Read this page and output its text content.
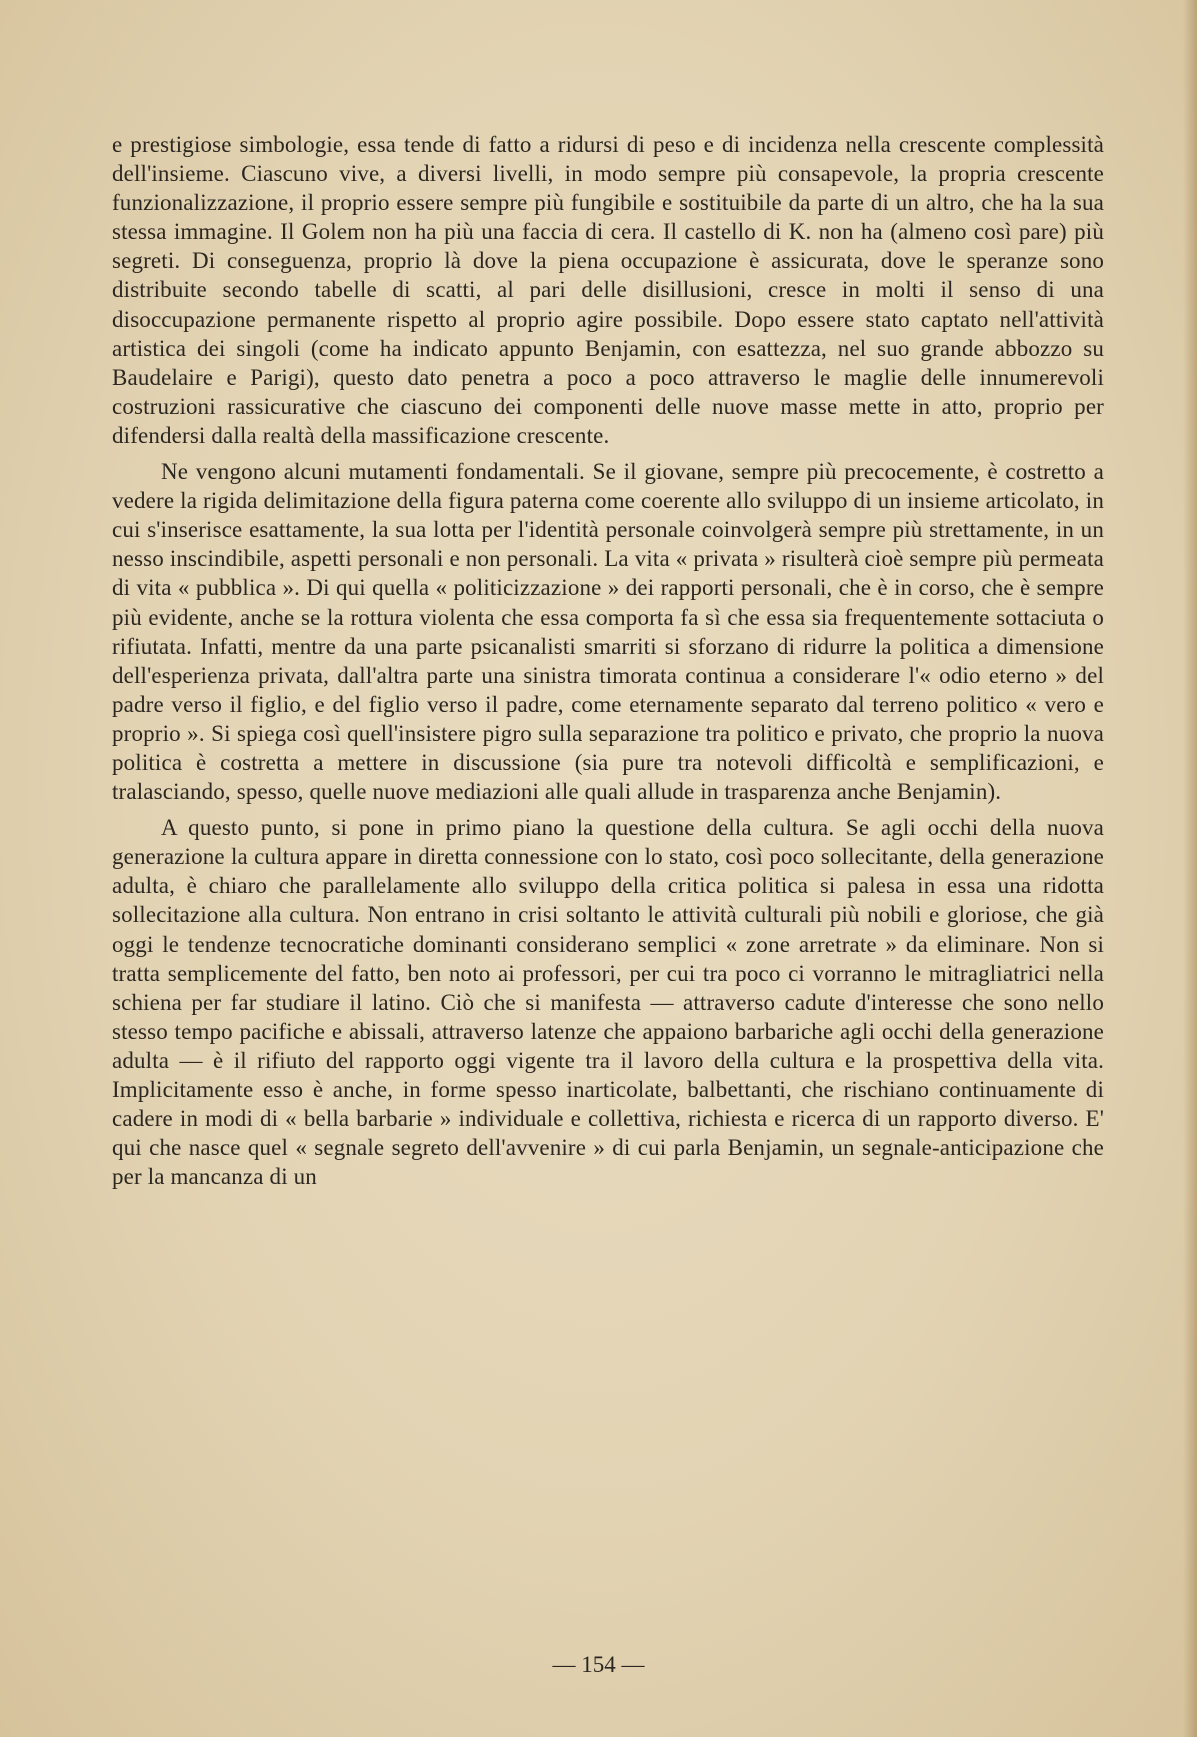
e prestigiose simbologie, essa tende di fatto a ridursi di peso e di incidenza nella crescente complessità dell'insieme. Ciascuno vive, a diversi livelli, in modo sempre più consapevole, la propria crescente funzionalizzazione, il proprio essere sempre più fungibile e sostituibile da parte di un altro, che ha la sua stessa immagine. Il Golem non ha più una faccia di cera. Il castello di K. non ha (almeno così pare) più segreti. Di conseguenza, proprio là dove la piena occupazione è assicurata, dove le speranze sono distribuite secondo tabelle di scatti, al pari delle disillusioni, cresce in molti il senso di una disoccupazione permanente rispetto al proprio agire possibile. Dopo essere stato captato nell'attività artistica dei singoli (come ha indicato appunto Benjamin, con esattezza, nel suo grande abbozzo su Baudelaire e Parigi), questo dato penetra a poco a poco attraverso le maglie delle innumerevoli costruzioni rassicurative che ciascuno dei componenti delle nuove masse mette in atto, proprio per difendersi dalla realtà della massificazione crescente.

Ne vengono alcuni mutamenti fondamentali. Se il giovane, sempre più precocemente, è costretto a vedere la rigida delimitazione della figura paterna come coerente allo sviluppo di un insieme articolato, in cui s'inserisce esattamente, la sua lotta per l'identità personale coinvolgerà sempre più strettamente, in un nesso inscindibile, aspetti personali e non personali. La vita « privata » risulterà cioè sempre più permeata di vita « pubblica ». Di qui quella « politicizzazione » dei rapporti personali, che è in corso, che è sempre più evidente, anche se la rottura violenta che essa comporta fa sì che essa sia frequentemente sottaciuta o rifiutata. Infatti, mentre da una parte psicanalisti smarriti si sforzano di ridurre la politica a dimensione dell'esperienza privata, dall'altra parte una sinistra timorata continua a considerare l'« odio eterno » del padre verso il figlio, e del figlio verso il padre, come eternamente separato dal terreno politico « vero e proprio ». Si spiega così quell'insistere pigro sulla separazione tra politico e privato, che proprio la nuova politica è costretta a mettere in discussione (sia pure tra notevoli difficoltà e semplificazioni, e tralasciando, spesso, quelle nuove mediazioni alle quali allude in trasparenza anche Benjamin).

A questo punto, si pone in primo piano la questione della cultura. Se agli occhi della nuova generazione la cultura appare in diretta connessione con lo stato, così poco sollecitante, della generazione adulta, è chiaro che parallelamente allo sviluppo della critica politica si palesa in essa una ridotta sollecitazione alla cultura. Non entrano in crisi soltanto le attività culturali più nobili e gloriose, che già oggi le tendenze tecnocratiche dominanti considerano semplici « zone arretrate » da eliminare. Non si tratta semplicemente del fatto, ben noto ai professori, per cui tra poco ci vorranno le mitragliatrici nella schiena per far studiare il latino. Ciò che si manifesta — attraverso cadute d'interesse che sono nello stesso tempo pacifiche e abissali, attraverso latenze che appaiono barbariche agli occhi della generazione adulta — è il rifiuto del rapporto oggi vigente tra il lavoro della cultura e la prospettiva della vita. Implicitamente esso è anche, in forme spesso inarticolate, balbettanti, che rischiano continuamente di cadere in modi di « bella barbarie » individuale e collettiva, richiesta e ricerca di un rapporto diverso. E' qui che nasce quel « segnale segreto dell'avvenire » di cui parla Benjamin, un segnale-anticipazione che per la mancanza di un

— 154 —
